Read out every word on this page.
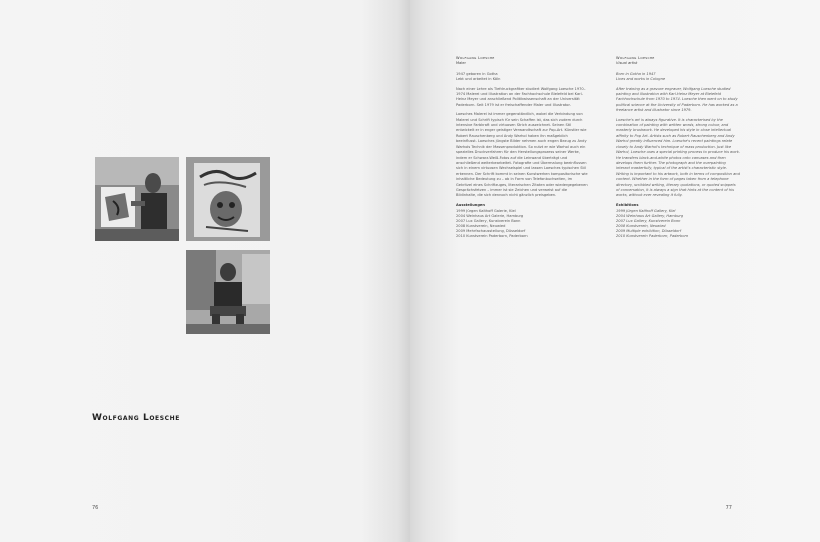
Wolfgang Loesche
76
Wolfgang Loesche
Maler
1947 geboren in Gotha
Lebt und arbeitet in Köln

Nach einer Lehre als Tiefdruckgrafiker studiert Wolfgang Loesche 1970–1974 Malerei und Illustration an der Fachhochschule Bielefeld bei Karl-Heinz Meyer und anschließend Politikwissenschaft an der Universität Paderborn. Seit 1979 ist er freischaffender Maler und Illustrator.

Loesches Malerei ist immer gegenständlich, wobei die Verbindung von Malerei und Schrift typisch für sein Schaffen ist, das sich zudem durch intensive Farbkraft und virtuosen Strich auszeichnet. Seinen Stil entwickelt er in enger geistiger Verwandtschaft zur Pop-Art. Künstler wie Robert Rauschenberg und Andy Warhol haben ihn maßgeblich beeinflusst. Loesches jüngste Bilder nehmen auch engen Bezug zu Andy Warhols Technik der Massenproduktion. So nutzt er wie Warhol auch ein spezielles Druckverfahren für den Herstellungsprozess seiner Werke, indem er Schwarz-Weiß-Fotos auf die Leinwand überträgt und anschließend weiterbearbeitet. Fotografie und Übermalung beeinflussen sich in einem virtuosen Wechselspiel und lassen Loesches typischen Stil erkennen. Der Schrift kommt in seinen Kunstwerken kompositorische wie inhaltliche Bedeutung zu – ob in Form von Telefonbuchseiten, im Gekritzel eines Schriftzuges, literarischen Zitaten oder wiedergegebenen Gesprächsfetzen – immer ist sie Zeichen und verweist auf die Bildinhalte, die sich dennoch nicht gänzlich preisgeben.

Ausstellungen

1999 Jürgen Kalthoff Galerie, Kiel

2004 Weinhaus Art Galerie, Hamburg

2007 Lux Gallery, Kunstverein Bonn

2008 Kunstverein, Neuwied

2009 Mehrfachausstellung, Düsseldorf

2010 Kunstverein Paderborn, Paderborn

Wolfgang Loesche
Visual artist
Born in Gotha in 1947
Lives and works in Cologne

After training as a gravure engraver, Wolfgang Loesche studied painting and illustration with Karl-Heinz Meyer at Bielefeld Fachhochschule from 1970 to 1974. Loesche then went on to study political science at the University of Paderborn. He has worked as a freelance artist and illustrator since 1979.

Loesche's art is always figurative. It is characterised by the combination of painting with written words, strong colour, and masterly brushwork. He developed his style in close intellectual affinity to Pop Art. Artists such as Robert Rauschenberg and Andy Warhol greatly influenced him. Loesche's recent paintings relate closely to Andy Warhol's technique of mass production. Just like Warhol, Loesche uses a special printing process to produce his work. He transfers black-and-white photos onto canvases and then develops them further. The photograph and the overpainting interact masterfully, typical of the artist's characteristic style. Writing is important to his artwork, both in terms of composition and content. Whether in the form of pages taken from a telephone directory, scribbled writing, literary quotations, or quoted snippets of conversation, it is always a sign that hints at the content of his works, without ever revealing it fully.

Exhibitions

1999 Jürgen Kalthoff Gallery, Kiel

2004 Weinhaus Art Gallery, Hamburg

2007 Lux Gallery, Kunstverein Bonn

2008 Kunstverein, Neuwied

2009 Multiple exhibition, Düsseldorf

2010 Kunstverein Paderborn, Paderborn

77
